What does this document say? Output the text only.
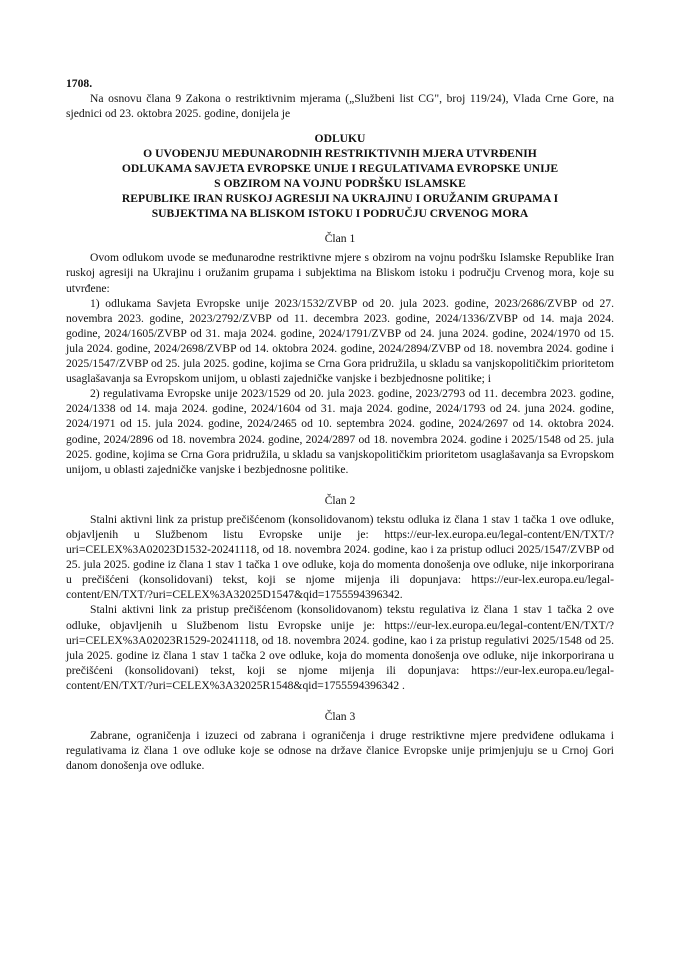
1708.

Na osnovu člana 9 Zakona o restriktivnim mjerama („Službeni list CG", broj 119/24), Vlada Crne Gore, na sjednici od 23. oktobra 2025. godine, donijela je

ODLUKU
O UVOĐENJU MEĐUNARODNIH RESTRIKTIVNIH MJERA UTVRĐENIH
ODLUKAMA SAVJETA EVROPSKE UNIJE I REGULATIVAMA EVROPSKE UNIJE
S OBZIROM NA VOJNU PODRŠKU ISLAMSKE
REPUBLIKE IRAN RUSKOJ AGRESIJI NA UKRAJINU I ORUŽANIM GRUPAMA I
SUBJEKTIMA NA BLISKOM ISTOKU I PODRUČJU CRVENOG MORA
Član 1

Ovom odlukom uvode se međunarodne restriktivne mjere s obzirom na vojnu podršku Islamske Republike Iran ruskoj agresiji na Ukrajinu i oružanim grupama i subjektima na Bliskom istoku i području Crvenog mora, koje su utvrđene:

1) odlukama Savjeta Evropske unije 2023/1532/ZVBP od 20. jula 2023. godine, 2023/2686/ZVBP od 27. novembra 2023. godine, 2023/2792/ZVBP od 11. decembra 2023. godine, 2024/1336/ZVBP od 14. maja 2024. godine, 2024/1605/ZVBP od 31. maja 2024. godine, 2024/1791/ZVBP od 24. juna 2024. godine, 2024/1970 od 15. jula 2024. godine, 2024/2698/ZVBP od 14. oktobra 2024. godine, 2024/2894/ZVBP od 18. novembra 2024. godine i 2025/1547/ZVBP od 25. jula 2025. godine, kojima se Crna Gora pridružila, u skladu sa vanjskopolitičkim prioritetom usaglašavanja sa Evropskom unijom, u oblasti zajedničke vanjske i bezbjednosne politike; i

2) regulativama Evropske unije 2023/1529 od 20. jula 2023. godine, 2023/2793 od 11. decembra 2023. godine, 2024/1338 od 14. maja 2024. godine, 2024/1604 od 31. maja 2024. godine, 2024/1793 od 24. juna 2024. godine, 2024/1971 od 15. jula 2024. godine, 2024/2465 od 10. septembra 2024. godine, 2024/2697 od 14. oktobra 2024. godine, 2024/2896 od 18. novembra 2024. godine, 2024/2897 od 18. novembra 2024. godine i 2025/1548 od 25. jula 2025. godine, kojima se Crna Gora pridružila, u skladu sa vanjskopolitičkim prioritetom usaglašavanja sa Evropskom unijom, u oblasti zajedničke vanjske i bezbjednosne politike.

Član 2

Stalni aktivni link za pristup prečišćenom (konsolidovanom) tekstu odluka iz člana 1 stav 1 tačka 1 ove odluke, objavljenih u Službenom listu Evropske unije je: https://eur-lex.europa.eu/legal-content/EN/TXT/?uri=CELEX%3A02023D1532-20241118, od 18. novembra 2024. godine, kao i za pristup odluci 2025/1547/ZVBP od 25. jula 2025. godine iz člana 1 stav 1 tačka 1 ove odluke, koja do momenta donošenja ove odluke, nije inkorporirana u prečišćeni (konsolidovani) tekst, koji se njome mijenja ili dopunjava: https://eur-lex.europa.eu/legal-content/EN/TXT/?uri=CELEX%3A32025D1547&qid=1755594396342.

Stalni aktivni link za pristup prečišćenom (konsolidovanom) tekstu regulativa iz člana 1 stav 1 tačka 2 ove odluke, objavljenih u Službenom listu Evropske unije je: https://eur-lex.europa.eu/legal-content/EN/TXT/?uri=CELEX%3A02023R1529-20241118, od 18. novembra 2024. godine, kao i za pristup regulativi 2025/1548 od 25. jula 2025. godine iz člana 1 stav 1 tačka 2 ove odluke, koja do momenta donošenja ove odluke, nije inkorporirana u prečišćeni (konsolidovani) tekst, koji se njome mijenja ili dopunjava: https://eur-lex.europa.eu/legal-content/EN/TXT/?uri=CELEX%3A32025R1548&qid=1755594396342 .

Član 3

Zabrane, ograničenja i izuzeci od zabrana i ograničenja i druge restriktivne mjere predviđene odlukama i regulativama iz člana 1 ove odluke koje se odnose na države članice Evropske unije primjenjuju se u Crnoj Gori danom donošenja ove odluke.
